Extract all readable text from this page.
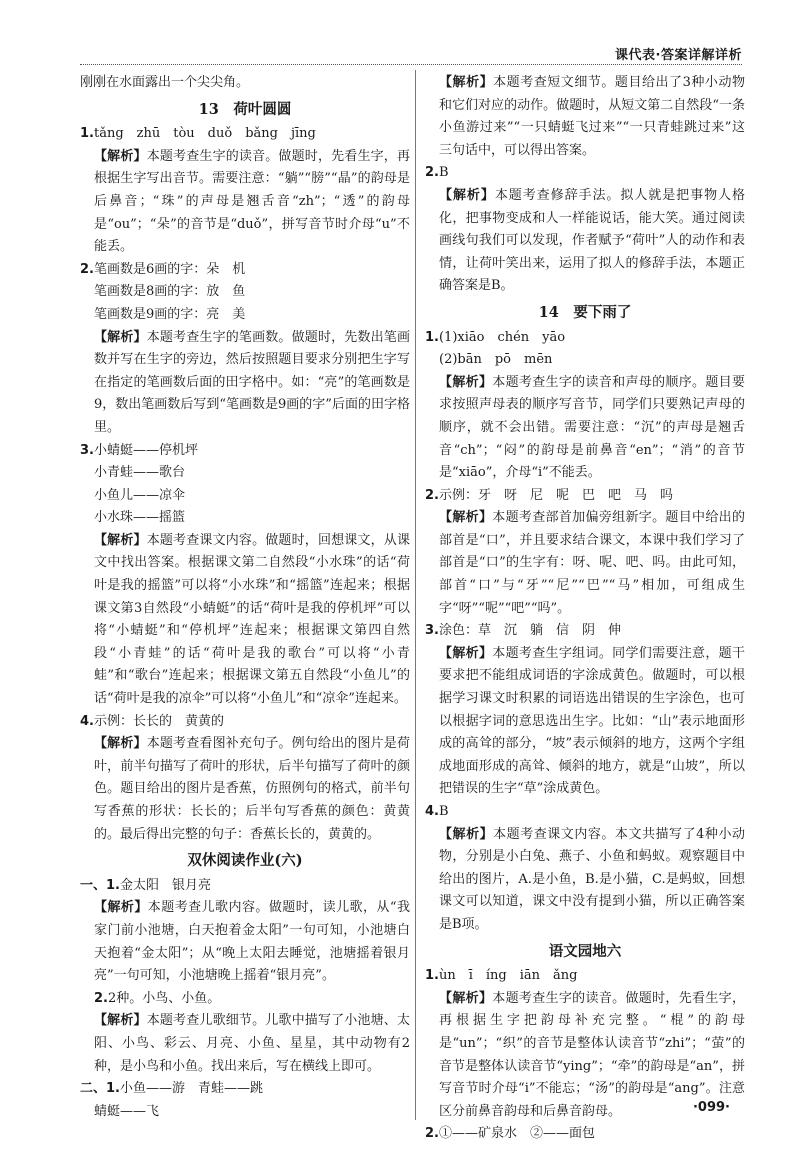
课代表·答案详解详析

刚刚在水面露出一个尖尖角。

13　荷叶圆圆

1.tǎng　zhū　tòu　duǒ　bǎng　jīng

【解析】本题考查生字的读音。做题时，先看生字，再根据生字写出音节。需要注意：“躺”“膀”“晶”的韵母是后鼻音；“珠”的声母是翘舌音“zh”；“透”的韵母是“ou”；“朵”的音节是“duǒ”，拼写音节时介母“u”不能丢。

2.笔画数是6画的字：朵　机

笔画数是8画的字：放　鱼

笔画数是9画的字：亮　美

【解析】本题考查生字的笔画数。做题时，先数出笔画数并写在生字的旁边，然后按照题目要求分别把生字写在指定的笔画数后面的田字格中。如：“亮”的笔画数是9，数出笔画数后写到“笔画数是9画的字”后面的田字格里。

3.小蜻蜓——停机坪

小青蛙——歌台

小鱼儿——凉伞

小水珠——摇篮

【解析】本题考查课文内容。做题时，回想课文，从课文中找出答案。根据课文第二自然段“小水珠”的话“荷叶是我的摇篮”可以将“小水珠”和“摇篮”连起来；根据课文第3自然段“小蜻蜓”的话“荷叶是我的停机坪”可以将“小蜻蜓”和“停机坪”连起来；根据课文第四自然段“小青蛙”的话“荷叶是我的歌台”可以将“小青蛙”和“歌台”连起来；根据课文第五自然段“小鱼儿”的话“荷叶是我的凉伞”可以将“小鱼儿”和“凉伞”连起来。

4.示例：长长的　黄黄的

【解析】本题考查看图补充句子。例句给出的图片是荷叶，前半句描写了荷叶的形状，后半句描写了荷叶的颜色。题目给出的图片是香蕉，仿照例句的格式，前半句写香蕉的形状：长长的；后半句写香蕉的颜色：黄黄的。最后得出完整的句子：香蕉长长的，黄黄的。

双休阅读作业(六)

一、1.金太阳　银月亮

【解析】本题考查儿歌内容。做题时，读儿歌，从“我家门前小池塘，白天抱着金太阳”一句可知，小池塘白天抱着“金太阳”；从“晚上太阳去睡觉，池塘摇着银月亮”一句可知，小池塘晚上摇着“银月亮”。

2.2种。小鸟、小鱼。

【解析】本题考查儿歌细节。儿歌中描写了小池塘、太阳、小鸟、彩云、月亮、小鱼、星星，其中动物有2种，是小鸟和小鱼。找出来后，写在横线上即可。

二、1.小鱼——游　青蛙——跳

蜻蜓——飞

【解析】本题考查短文细节。题目给出了3种小动物和它们对应的动作。做题时，从短文第二自然段“一条小鱼游过来”“一只蜻蜓飞过来”“一只青蛙跳过来”这三句话中，可以得出答案。

2.B

【解析】本题考查修辞手法。拟人就是把事物人格化，把事物变成和人一样能说话，能大笑。通过阅读画线句我们可以发现，作者赋予“荷叶”人的动作和表情，让荷叶笑出来，运用了拟人的修辞手法，本题正确答案是B。

14　要下雨了

1.(1)xiāo　chén　yāo

(2)bān　pō　mēn

【解析】本题考查生字的读音和声母的顺序。题目要求按照声母表的顺序写音节，同学们只要熟记声母的顺序，就不会出错。需要注意：“沉”的声母是翘舌音“ch”；“闷”的韵母是前鼻音“en”；“消”的音节是“xiāo”，介母“i”不能丢。

2.示例：牙　呀　尼　呢　巴　吧　马　吗

【解析】本题考查部首加偏旁组新字。题目中给出的部首是“口”，并且要求结合课文，本课中我们学习了部首是“口”的生字有：呀、呢、吧、吗。由此可知，部首“口”与“牙”“尼”“巴”“马”相加，可组成生字“呀”“呢”“吧”“吗”。

3.涂色：草　沉　躺　信　阴　伸

【解析】本题考查生字组词。同学们需要注意，题干要求把不能组成词语的字涂成黄色。做题时，可以根据学习课文时积累的词语选出错误的生字涂色，也可以根据字词的意思选出生字。比如：“山”表示地面形成的高耸的部分，“坡”表示倾斜的地方，这两个字组成地面形成的高耸、倾斜的地方，就是“山坡”，所以把错误的生字“草”涂成黄色。

4.B

【解析】本题考查课文内容。本文共描写了4种小动物，分别是小白兔、燕子、小鱼和蚂蚁。观察题目中给出的图片，A.是小鱼，B.是小猫，C.是蚂蚁，回想课文可以知道，课文中没有提到小猫，所以正确答案是B项。

语文园地六

1.ùn　ī　íng　iān　ǎng

【解析】本题考查生字的读音。做题时，先看生字，再根据生字把韵母补充完整。“棍”的韵母是“un”；“织”的音节是整体认读音节“zhi”；“萤”的音节是整体认读音节“ying”；“牵”的韵母是“an”，拼写音节时介母“i”不能忘；“汤”的韵母是“ang”。注意区分前鼻音韵母和后鼻音韵母。

2.①——矿泉水　②——面包

·099·
